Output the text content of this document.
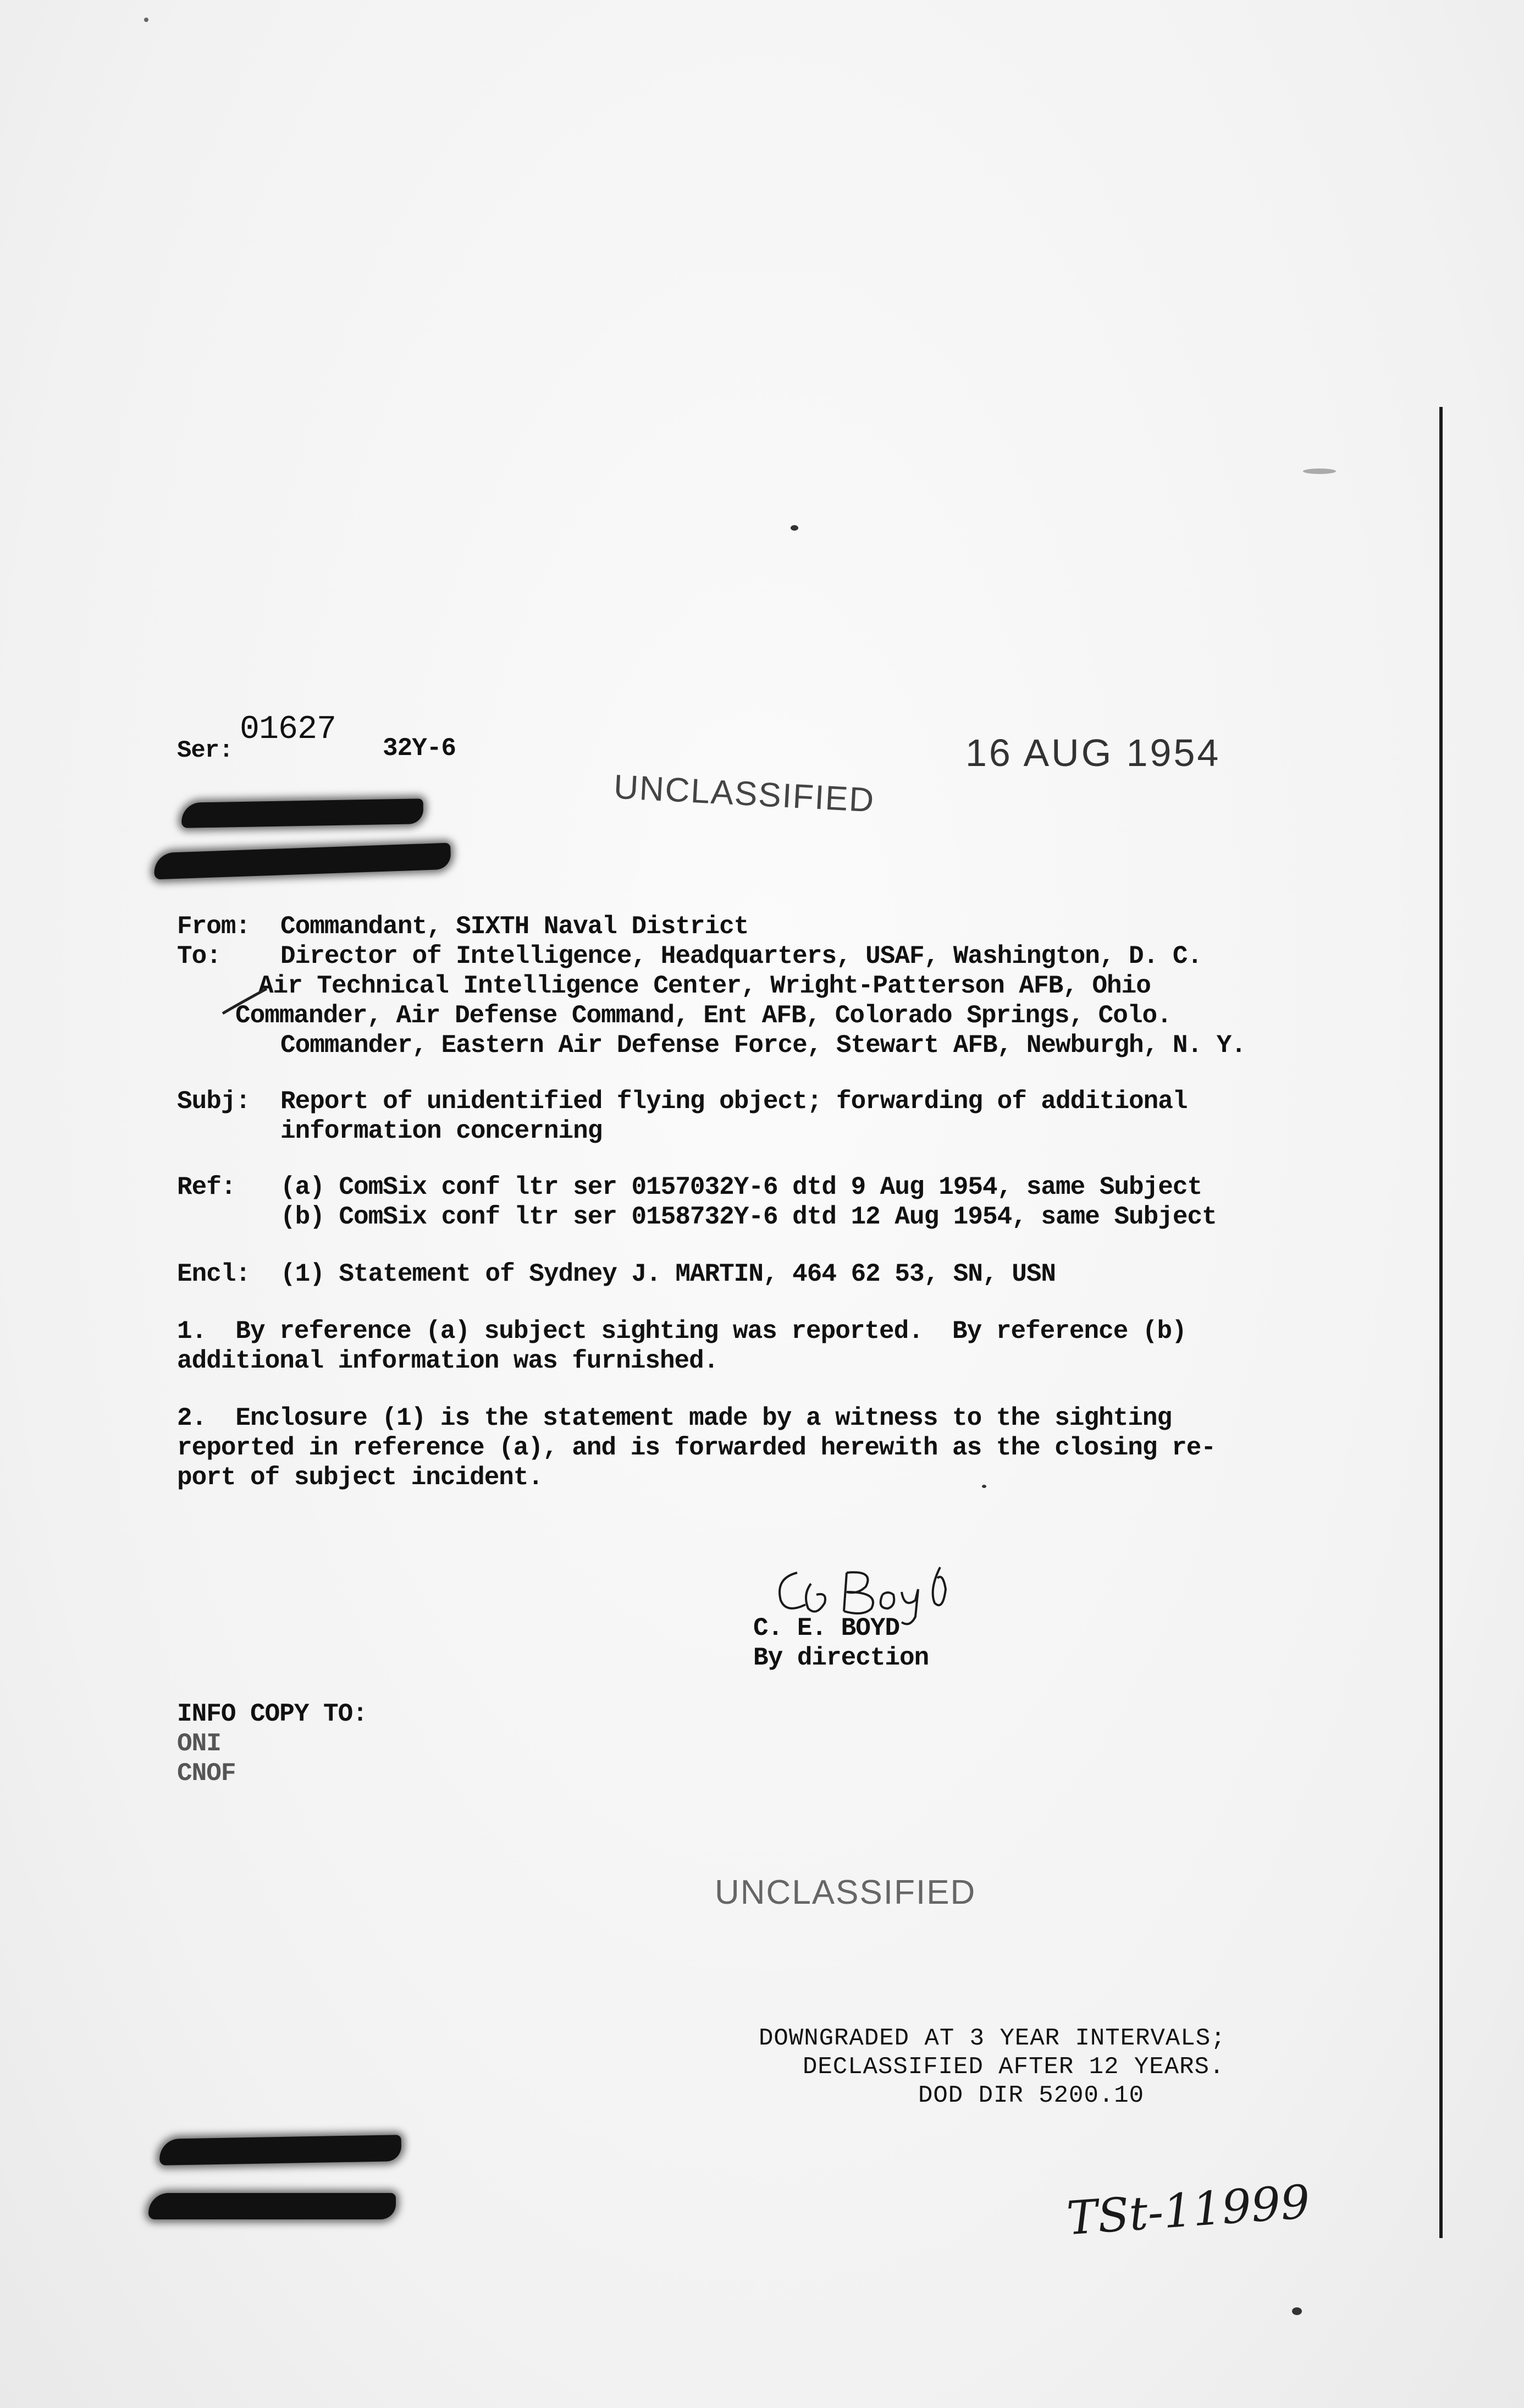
Ser:
01627 32Y-6	16 AUG 1954
UNCLASSIFIED
From: Commandant, SIXTH Naval District
To: Director of Intelligence, Headquarters, USAF, Washington, D. C.
Air Technical Intelligence Center, Wright-Patterson AFB, Ohio
Commander, Air Defense Command, Ent AFB, Colorado Springs, Colo.
Commander, Eastern Air Defense Force, Stewart AFB, Newburgh, N. Y.
Subj: Report of unidentified flying object; forwarding of additional
information concerning
Ref: (a) ComSix conf ltr ser 0157032Y-6 dtd 9 Aug 1954, same Subject
(b) ComSix conf ltr ser 0158732Y-6 dtd 12 Aug 1954, same Subject
Encl: (1) Statement of Sydney J. MARTIN, 464 62 53, SN, USN
1.  By reference (a) subject sighting was reported.  By reference (b)
additional information was furnished.
2.  Enclosure (1) is the statement made by a witness to the sighting
reported in reference (a), and is forwarded herewith as the closing re-
port of subject incident.
C. E. BOYD
By direction
INFO COPY TO:
ONI
CNOF
UNCLASSIFIED
DOWNGRADED AT 3 YEAR INTERVALS;
DECLASSIFIED AFTER 12 YEARS.
DOD DIR 5200.10
TSt-11999
